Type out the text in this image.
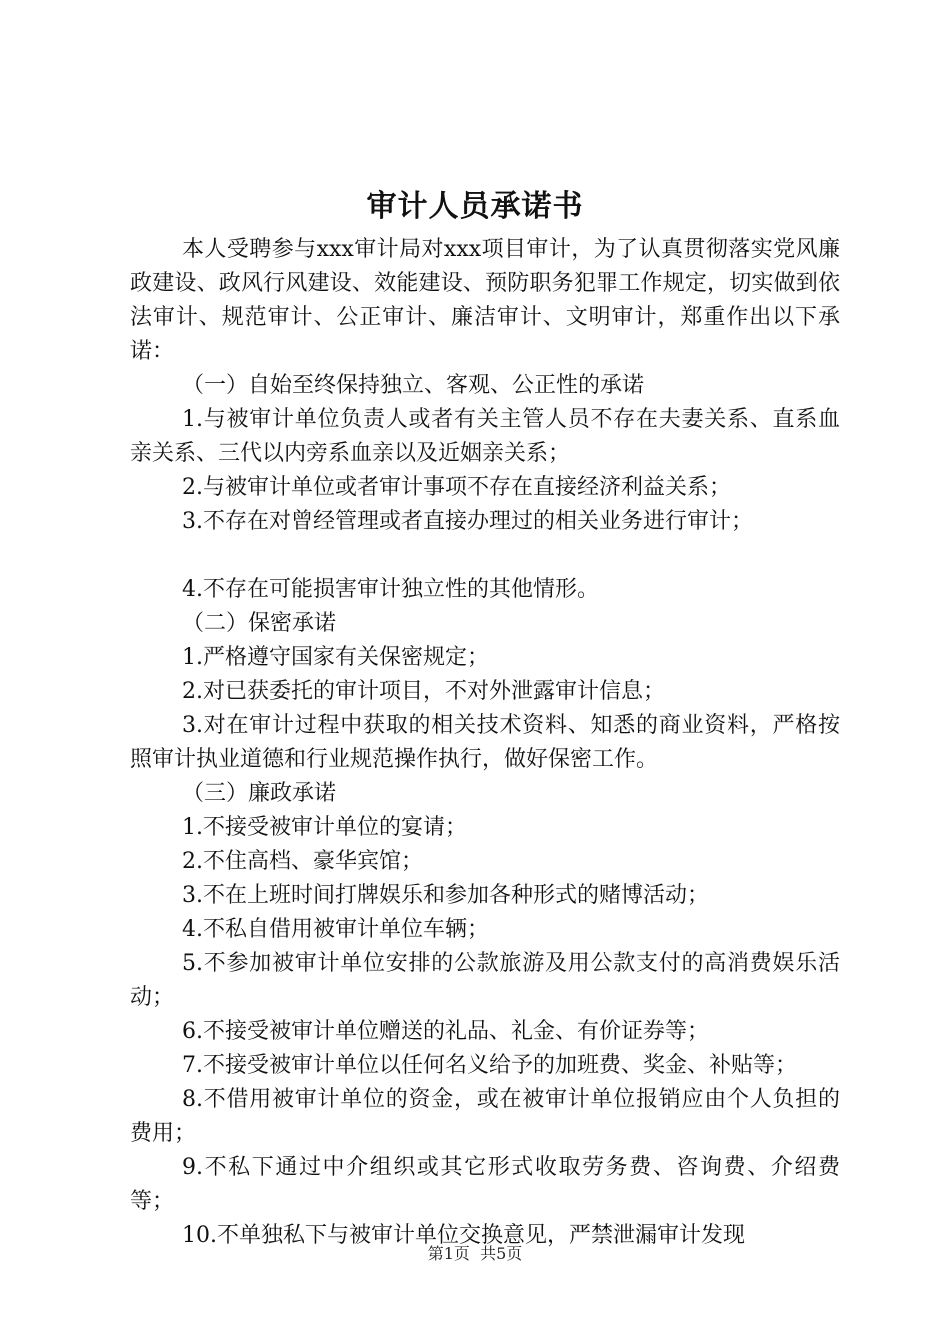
审计人员承诺书

本人受聘参与xxx审计局对xxx项目审计，为了认真贯彻落实党风廉政建设、政风行风建设、效能建设、预防职务犯罪工作规定，切实做到依法审计、规范审计、公正审计、廉洁审计、文明审计，郑重作出以下承诺：

（一）自始至终保持独立、客观、公正性的承诺

1.与被审计单位负责人或者有关主管人员不存在夫妻关系、直系血亲关系、三代以内旁系血亲以及近姻亲关系；

2.与被审计单位或者审计事项不存在直接经济利益关系；

3.不存在对曾经管理或者直接办理过的相关业务进行审计；

4.不存在可能损害审计独立性的其他情形。

（二）保密承诺

1.严格遵守国家有关保密规定；

2.对已获委托的审计项目，不对外泄露审计信息；

3.对在审计过程中获取的相关技术资料、知悉的商业资料，严格按照审计执业道德和行业规范操作执行，做好保密工作。

（三）廉政承诺

1.不接受被审计单位的宴请；

2.不住高档、豪华宾馆；

3.不在上班时间打牌娱乐和参加各种形式的赌博活动；

4.不私自借用被审计单位车辆；

5.不参加被审计单位安排的公款旅游及用公款支付的高消费娱乐活动；

6.不接受被审计单位赠送的礼品、礼金、有价证券等；

7.不接受被审计单位以任何名义给予的加班费、奖金、补贴等；

8.不借用被审计单位的资金，或在被审计单位报销应由个人负担的费用；

9.不私下通过中介组织或其它形式收取劳务费、咨询费、介绍费等；

10.不单独私下与被审计单位交换意见，严禁泄漏审计发现

第1页  共5页
